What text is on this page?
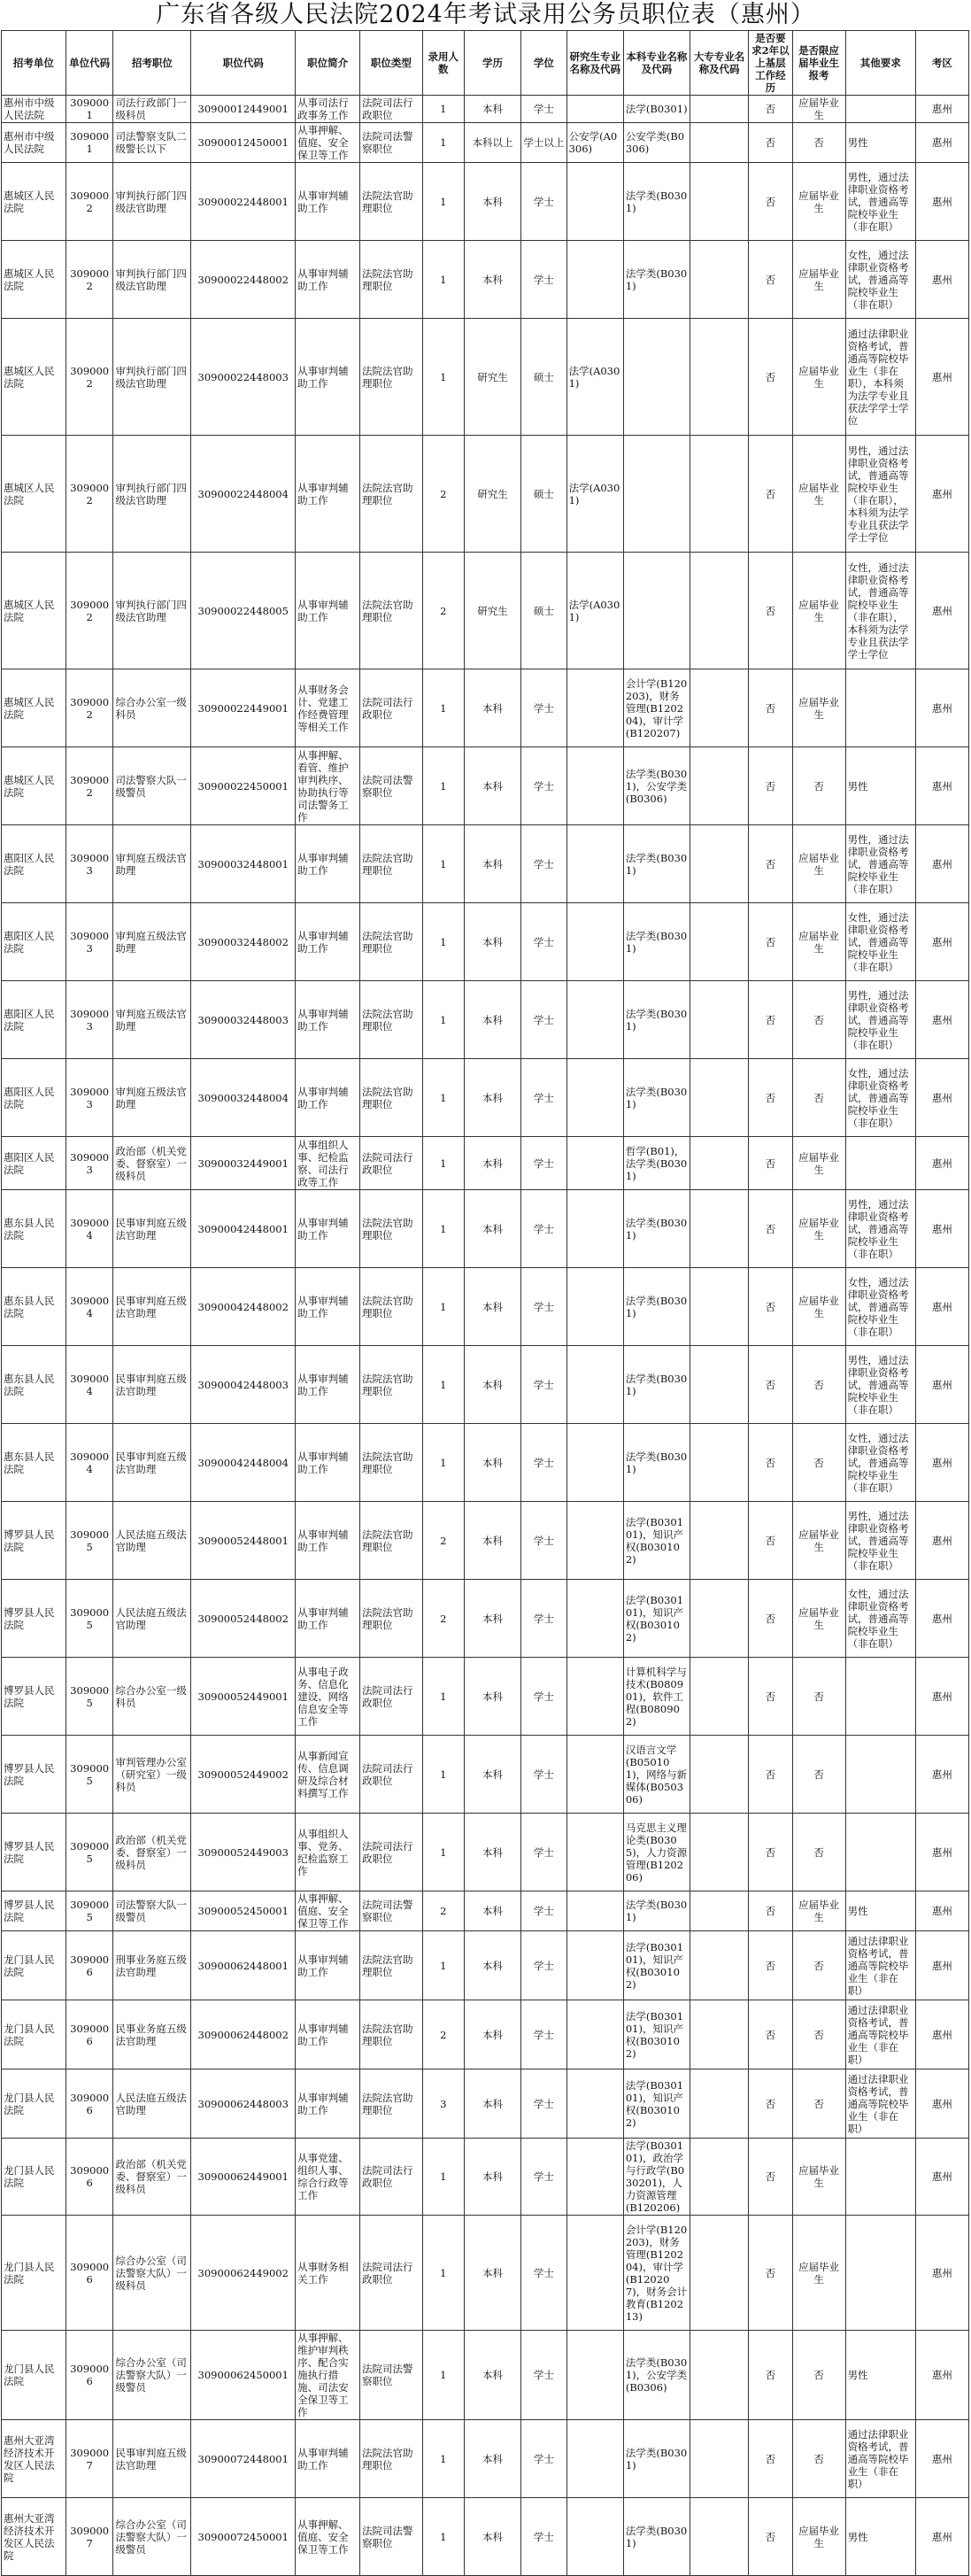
广东省各级人民法院2024年考试录用公务员职位表（惠州）
招考单位	单位代码	招考职位	职位代码	职位简介	职位类型	录用人数	学历	学位	研究生专业名称及代码	本科专业名称及代码	大专专业名称及代码	是否要求2年以上基层工作经历	是否限应届毕业生报考	其他要求	考区
惠州市中级人民法院	3090001	司法行政部门一级科员	30900012449001	从事司法行政事务工作	法院司法行政职位	1	本科	学士		法学(B0301)		否	应届毕业生		惠州
惠州市中级人民法院	3090001	司法警察支队二级警长以下	30900012450001	从事押解、值庭、安全保卫等工作	法院司法警察职位	1	本科以上	学士以上	公安学(A0306)	公安学类(B0306)		否	否	男性	惠州
惠城区人民法院	3090002	审判执行部门四级法官助理	30900022448001	从事审判辅助工作	法院法官助理职位	1	本科	学士		法学类(B0301)		否	应届毕业生	男性，通过法律职业资格考试，普通高等院校毕业生（非在职）	惠州
惠城区人民法院	3090002	审判执行部门四级法官助理	30900022448002	从事审判辅助工作	法院法官助理职位	1	本科	学士		法学类(B0301)		否	应届毕业生	女性，通过法律职业资格考试，普通高等院校毕业生（非在职）	惠州
惠城区人民法院	3090002	审判执行部门四级法官助理	30900022448003	从事审判辅助工作	法院法官助理职位	1	研究生	硕士	法学(A0301)			否	应届毕业生	通过法律职业资格考试，普通高等院校毕业生（非在职），本科须为法学专业且获法学学士学位	惠州
惠城区人民法院	3090002	审判执行部门四级法官助理	30900022448004	从事审判辅助工作	法院法官助理职位	2	研究生	硕士	法学(A0301)			否	应届毕业生	男性，通过法律职业资格考试，普通高等院校毕业生（非在职），本科须为法学专业且获法学学士学位	惠州
惠城区人民法院	3090002	审判执行部门四级法官助理	30900022448005	从事审判辅助工作	法院法官助理职位	2	研究生	硕士	法学(A0301)			否	应届毕业生	女性，通过法律职业资格考试，普通高等院校毕业生（非在职），本科须为法学专业且获法学学士学位	惠州
惠城区人民法院	3090002	综合办公室一级科员	30900022449001	从事财务会计、党建工作经费管理等相关工作	法院司法行政职位	1	本科	学士		会计学(B120203)，财务管理(B120204)，审计学(B120207)		否	应届毕业生		惠州
惠城区人民法院	3090002	司法警察大队一级警员	30900022450001	从事押解、看管、维护审判秩序、协助执行等司法警务工作	法院司法警察职位	1	本科	学士		法学类(B0301)，公安学类(B0306)		否	否	男性	惠州
惠阳区人民法院	3090003	审判庭五级法官助理	30900032448001	从事审判辅助工作	法院法官助理职位	1	本科	学士		法学类(B0301)		否	应届毕业生	男性，通过法律职业资格考试，普通高等院校毕业生（非在职）	惠州
惠阳区人民法院	3090003	审判庭五级法官助理	30900032448002	从事审判辅助工作	法院法官助理职位	1	本科	学士		法学类(B0301)		否	应届毕业生	女性，通过法律职业资格考试，普通高等院校毕业生（非在职）	惠州
惠阳区人民法院	3090003	审判庭五级法官助理	30900032448003	从事审判辅助工作	法院法官助理职位	1	本科	学士		法学类(B0301)		否	否	男性，通过法律职业资格考试，普通高等院校毕业生（非在职）	惠州
惠阳区人民法院	3090003	审判庭五级法官助理	30900032448004	从事审判辅助工作	法院法官助理职位	1	本科	学士		法学类(B0301)		否	否	女性，通过法律职业资格考试，普通高等院校毕业生（非在职）	惠州
惠阳区人民法院	3090003	政治部（机关党委、督察室）一级科员	30900032449001	从事组织人事、纪检监察、司法行政等工作	法院司法行政职位	1	本科	学士		哲学(B01)，法学类(B0301)		否	应届毕业生		惠州
惠东县人民法院	3090004	民事审判庭五级法官助理	30900042448001	从事审判辅助工作	法院法官助理职位	1	本科	学士		法学类(B0301)		否	应届毕业生	男性，通过法律职业资格考试，普通高等院校毕业生（非在职）	惠州
惠东县人民法院	3090004	民事审判庭五级法官助理	30900042448002	从事审判辅助工作	法院法官助理职位	1	本科	学士		法学类(B0301)		否	应届毕业生	女性，通过法律职业资格考试，普通高等院校毕业生（非在职）	惠州
惠东县人民法院	3090004	民事审判庭五级法官助理	30900042448003	从事审判辅助工作	法院法官助理职位	1	本科	学士		法学类(B0301)		否	否	男性，通过法律职业资格考试，普通高等院校毕业生（非在职）	惠州
惠东县人民法院	3090004	民事审判庭五级法官助理	30900042448004	从事审判辅助工作	法院法官助理职位	1	本科	学士		法学类(B0301)		否	否	女性，通过法律职业资格考试，普通高等院校毕业生（非在职）	惠州
博罗县人民法院	3090005	人民法庭五级法官助理	30900052448001	从事审判辅助工作	法院法官助理职位	2	本科	学士		法学(B030101)，知识产权(B030102)		否	应届毕业生	男性，通过法律职业资格考试，普通高等院校毕业生（非在职）	惠州
博罗县人民法院	3090005	人民法庭五级法官助理	30900052448002	从事审判辅助工作	法院法官助理职位	2	本科	学士		法学(B030101)，知识产权(B030102)		否	应届毕业生	女性，通过法律职业资格考试，普通高等院校毕业生（非在职）	惠州
博罗县人民法院	3090005	综合办公室一级科员	30900052449001	从事电子政务、信息化建设、网络信息安全等工作	法院司法行政职位	1	本科	学士		计算机科学与技术(B080901)，软件工程(B080902)		否	否		惠州
博罗县人民法院	3090005	审判管理办公室（研究室）一级科员	30900052449002	从事新闻宣传、信息调研及综合材料撰写工作	法院司法行政职位	1	本科	学士		汉语言文学(B050101)，网络与新媒体(B050306)		否	否		惠州
博罗县人民法院	3090005	政治部（机关党委、督察室）一级科员	30900052449003	从事组织人事、党务、纪检监察工作	法院司法行政职位	1	本科	学士		马克思主义理论类(B0305)，人力资源管理(B120206)		否	否		惠州
博罗县人民法院	3090005	司法警察大队一级警员	30900052450001	从事押解、值庭、安全保卫等工作	法院司法警察职位	2	本科	学士		法学类(B0301)		否	应届毕业生	男性	惠州
龙门县人民法院	3090006	刑事业务庭五级法官助理	30900062448001	从事审判辅助工作	法院法官助理职位	1	本科	学士		法学(B030101)，知识产权(B030102)		否	否	通过法律职业资格考试，普通高等院校毕业生（非在职）	惠州
龙门县人民法院	3090006	民事业务庭五级法官助理	30900062448002	从事审判辅助工作	法院法官助理职位	2	本科	学士		法学(B030101)，知识产权(B030102)		否	否	通过法律职业资格考试，普通高等院校毕业生（非在职）	惠州
龙门县人民法院	3090006	人民法庭五级法官助理	30900062448003	从事审判辅助工作	法院法官助理职位	3	本科	学士		法学(B030101)，知识产权(B030102)		否	否	通过法律职业资格考试，普通高等院校毕业生（非在职）	惠州
龙门县人民法院	3090006	政治部（机关党委、督察室）一级科员	30900062449001	从事党建、组织人事、综合行政等工作	法院司法行政职位	1	本科	学士		法学(B030101)，政治学与行政学(B030201)，人力资源管理(B120206)		否	应届毕业生		惠州
龙门县人民法院	3090006	综合办公室（司法警察大队）一级科员	30900062449002	从事财务相关工作	法院司法行政职位	1	本科	学士		会计学(B120203)，财务管理(B120204)，审计学(B120207)，财务会计教育(B120213)		否	应届毕业生		惠州
龙门县人民法院	3090006	综合办公室（司法警察大队）一级警员	30900062450001	从事押解、维护审判秩序、配合实施执行措施、司法安全保卫等工作	法院司法警察职位	1	本科	学士		法学类(B0301)，公安学类(B0306)		否	否	男性	惠州
惠州大亚湾经济技术开发区人民法院	3090007	民事审判庭五级法官助理	30900072448001	从事审判辅助工作	法院法官助理职位	1	本科	学士		法学类(B0301)		否	否	通过法律职业资格考试，普通高等院校毕业生（非在职）	惠州
惠州大亚湾经济技术开发区人民法院	3090007	综合办公室（司法警察大队）一级警员	30900072450001	从事押解、值庭、安全保卫等工作	法院司法警察职位	1	本科	学士		法学类(B0301)		否	应届毕业生	男性	惠州
